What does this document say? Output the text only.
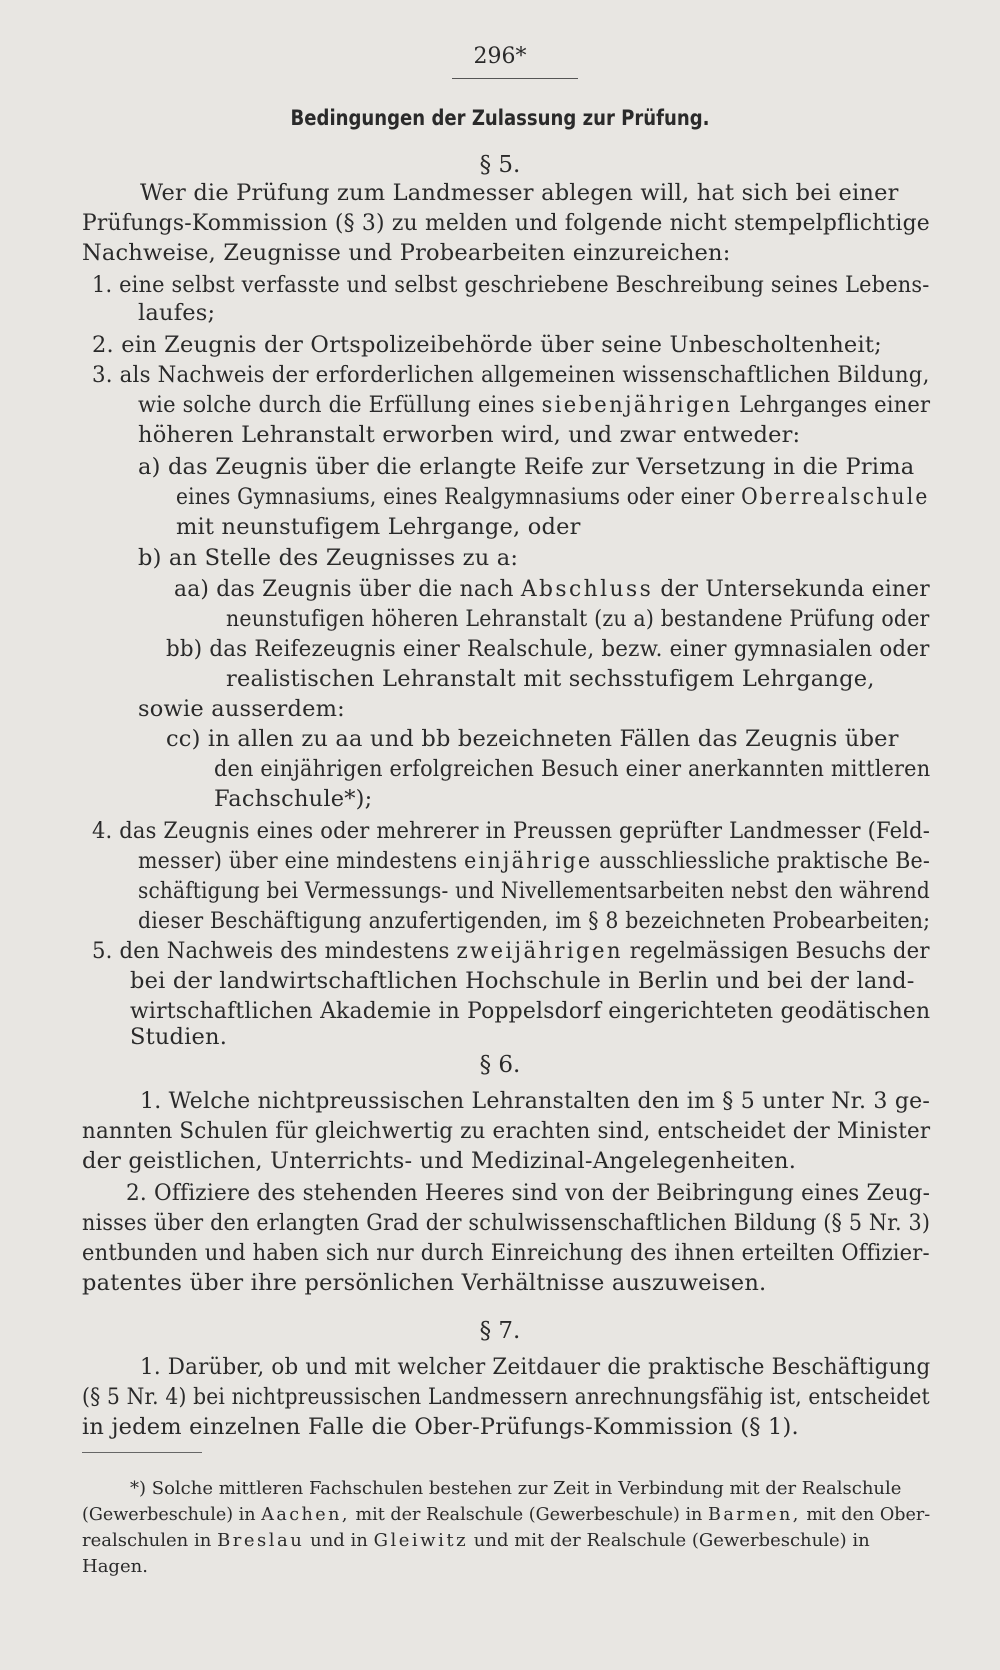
296*
Bedingungen der Zulassung zur Prüfung.
§ 5.
Wer die Prüfung zum Landmesser ablegen will, hat sich bei einer
Prüfungs-Kommission (§ 3) zu melden und folgende nicht stempelpflichtige
Nachweise, Zeugnisse und Probearbeiten einzureichen:
1. eine selbst verfasste und selbst geschriebene Beschreibung seines Lebens-
laufes;
2. ein Zeugnis der Ortspolizeibehörde über seine Unbescholtenheit;
3. als Nachweis der erforderlichen allgemeinen wissenschaftlichen Bildung,
wie solche durch die Erfüllung eines siebenjährigen Lehrganges einer
höheren Lehranstalt erworben wird, und zwar entweder:
a) das Zeugnis über die erlangte Reife zur Versetzung in die Prima
eines Gymnasiums, eines Realgymnasiums oder einer Oberrealschule
mit neunstufigem Lehrgange, oder
b) an Stelle des Zeugnisses zu a:
aa) das Zeugnis über die nach Abschluss der Untersekunda einer
neunstufigen höheren Lehranstalt (zu a) bestandene Prüfung oder
bb) das Reifezeugnis einer Realschule, bezw. einer gymnasialen oder
realistischen Lehranstalt mit sechsstufigem Lehrgange,
sowie ausserdem:
cc) in allen zu aa und bb bezeichneten Fällen das Zeugnis über
den einjährigen erfolgreichen Besuch einer anerkannten mittleren
Fachschule*);
4. das Zeugnis eines oder mehrerer in Preussen geprüfter Landmesser (Feld-
messer) über eine mindestens einjährige ausschliessliche praktische Be-
schäftigung bei Vermessungs- und Nivellementsarbeiten nebst den während
dieser Beschäftigung anzufertigenden, im § 8 bezeichneten Probearbeiten;
5. den Nachweis des mindestens zweijährigen regelmässigen Besuchs der
bei der landwirtschaftlichen Hochschule in Berlin und bei der land-
wirtschaftlichen Akademie in Poppelsdorf eingerichteten geodätischen
Studien.
§ 6.
1. Welche nichtpreussischen Lehranstalten den im § 5 unter Nr. 3 ge-
nannten Schulen für gleichwertig zu erachten sind, entscheidet der Minister
der geistlichen, Unterrichts- und Medizinal-Angelegenheiten.
2. Offiziere des stehenden Heeres sind von der Beibringung eines Zeug-
nisses über den erlangten Grad der schulwissenschaftlichen Bildung (§ 5 Nr. 3)
entbunden und haben sich nur durch Einreichung des ihnen erteilten Offizier-
patentes über ihre persönlichen Verhältnisse auszuweisen.
§ 7.
1. Darüber, ob und mit welcher Zeitdauer die praktische Beschäftigung
(§ 5 Nr. 4) bei nichtpreussischen Landmessern anrechnungsfähig ist, entscheidet
in jedem einzelnen Falle die Ober-Prüfungs-Kommission (§ 1).
*) Solche mittleren Fachschulen bestehen zur Zeit in Verbindung mit der Realschule
(Gewerbeschule) in Aachen, mit der Realschule (Gewerbeschule) in Barmen, mit den Ober-
realschulen in Breslau und in Gleiwitz und mit der Realschule (Gewerbeschule) in
Hagen.
